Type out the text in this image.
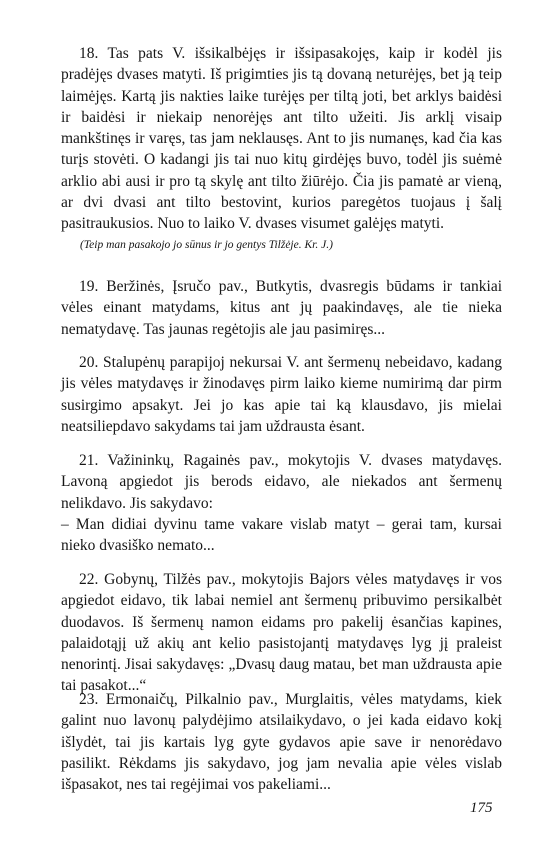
18. Tas pats V. išsikalbėjęs ir išsipasakojęs, kaip ir kodėl jis pradėjęs dvases matyti. Iš prigimties jis tą dovaną neturėjęs, bet ją teip laimėjęs. Kartą jis nakties laike turėjęs per tiltą joti, bet arklys baidėsi ir baidėsi ir niekaip nenorėjęs ant tilto užeiti. Jis arklį visaip mankštinęs ir varęs, tas jam neklausęs. Ant to jis numanęs, kad čia kas turįs stovėti. O kadangi jis tai nuo kitų girdėjęs buvo, todėl jis suėmė arklio abi ausi ir pro tą skylę ant tilto žiūrėjo. Čia jis pamatė ar vieną, ar dvi dvasi ant tilto bestovint, kurios paregėtos tuojaus į šalį pasitraukusios. Nuo to laiko V. dvases visumet galėjęs matyti.

(Teip man pasakojo jo sūnus ir jo gentys Tilžėje. Kr. J.)

19. Beržinės, Įsručo pav., Butkytis, dvasregis būdams ir tankiai vėles einant matydams, kitus ant jų paakindavęs, ale tie nieka nematydavę. Tas jaunas regėtojis ale jau pasimiręs...

20. Stalupėnų parapijoj nekursai V. ant šermenų nebeidavo, kadang jis vėles matydavęs ir žinodavęs pirm laiko kieme numirimą dar pirm susirgimo apsakyt. Jei jo kas apie tai ką klausdavo, jis mielai neatsiliepdavo sakydams tai jam uždrausta ėsant.

21. Važininkų, Ragainės pav., mokytojis V. dvases matydavęs. Lavoną apgiedot jis berods eidavo, ale niekados ant šermenų nelikdavo. Jis sakydavo:

– Man didiai dyvinu tame vakare vislab matyt – gerai tam, kursai nieko dvasiško nemato...

22. Gobynų, Tilžės pav., mokytojis Bajors vėles matydavęs ir vos apgiedot eidavo, tik labai nemiel ant šermenų pribuvimo persikalbėt duodavos. Iš šermenų namon eidams pro pakelij ėsančias kapines, palaidotąjį už akių ant kelio pasistojantį matydavęs lyg jį praleist nenorintį. Jisai sakydavęs: „Dvasų daug matau, bet man uždrausta apie tai pasakot...“

23. Ermonaičų, Pilkalnio pav., Murglaitis, vėles matydams, kiek galint nuo lavonų palydėjimo atsilaikydavo, o jei kada eidavo kokį išlydėt, tai jis kartais lyg gyte gydavos apie save ir nenorėdavo pasilikt. Rėkdams jis sakydavo, jog jam nevalia apie vėles vislab išpasakot, nes tai regėjimai vos pakeliami...

175
